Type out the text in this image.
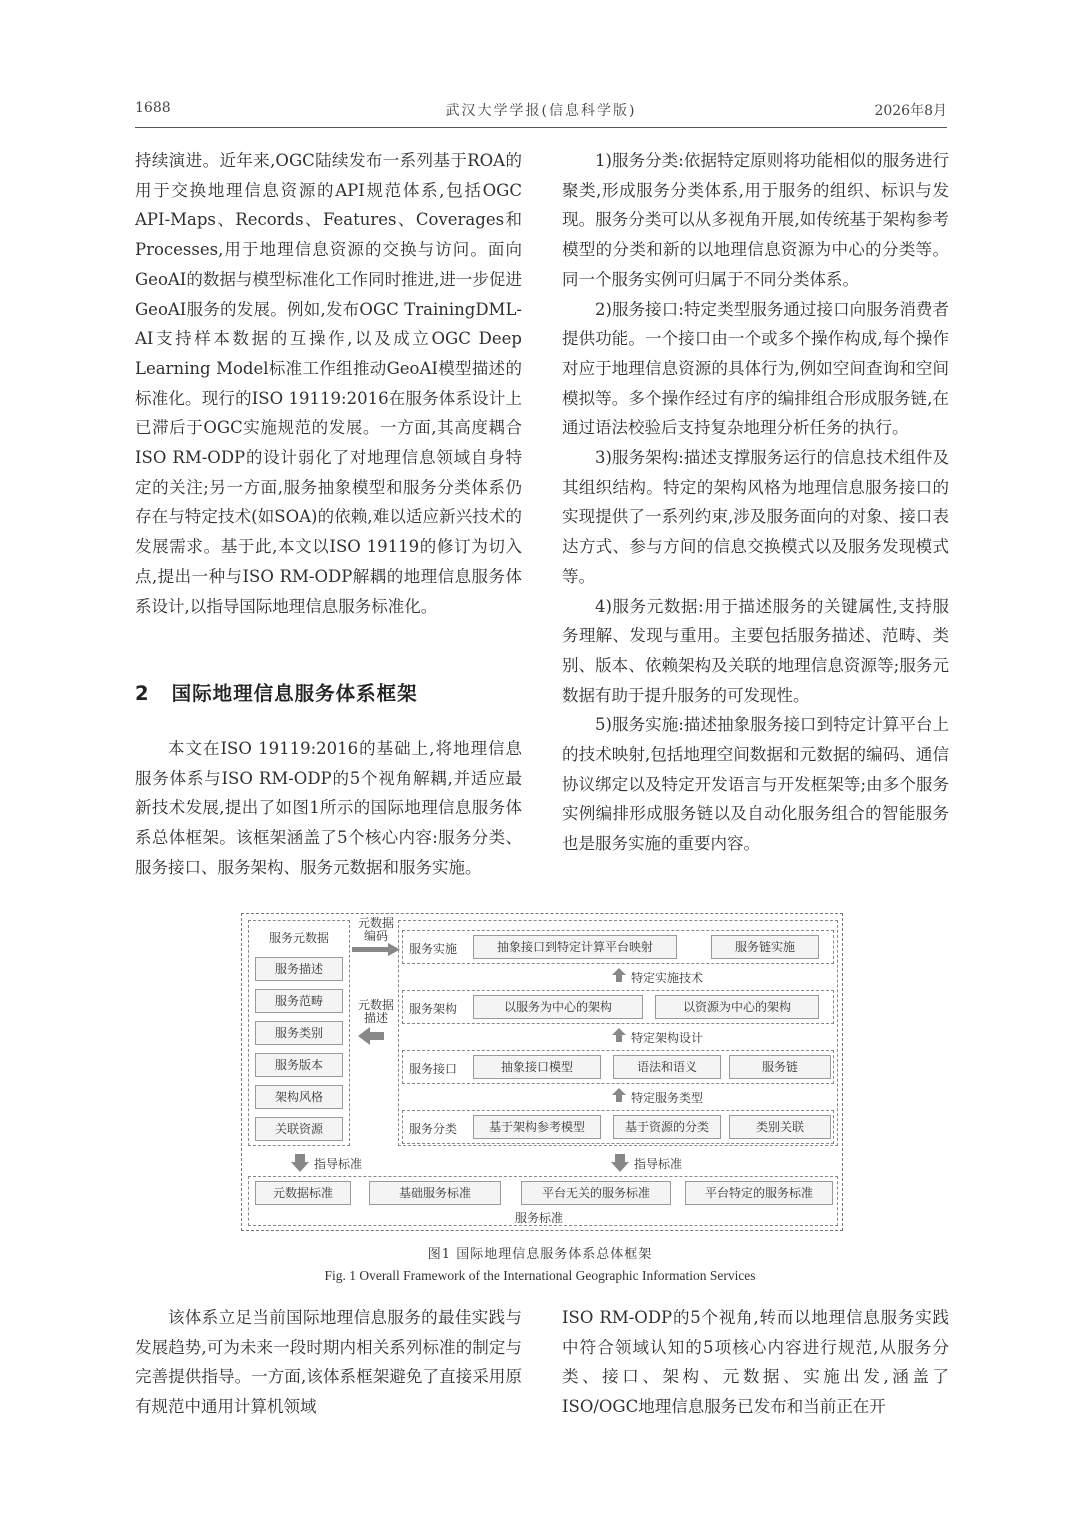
1688	武汉大学学报(信息科学版)	2026年8月

持续演进。近年来,OGC陆续发布一系列基于ROA的用于交换地理信息资源的API规范体系,包括OGC API-Maps、Records、Features、Coverages和Processes,用于地理信息资源的交换与访问。面向GeoAI的数据与模型标准化工作同时推进,进一步促进GeoAI服务的发展。例如,发布OGC TrainingDML-AI支持样本数据的互操作,以及成立OGC Deep Learning Model标准工作组推动GeoAI模型描述的标准化。现行的ISO 19119:2016在服务体系设计上已滞后于OGC实施规范的发展。一方面,其高度耦合ISO RM-ODP的设计弱化了对地理信息领域自身特定的关注;另一方面,服务抽象模型和服务分类体系仍存在与特定技术(如SOA)的依赖,难以适应新兴技术的发展需求。基于此,本文以ISO 19119的修订为切入点,提出一种与ISO RM-ODP解耦的地理信息服务体系设计,以指导国际地理信息服务标准化。

2 国际地理信息服务体系框架

本文在ISO 19119:2016的基础上,将地理信息服务体系与ISO RM-ODP的5个视角解耦,并适应最新技术发展,提出了如图1所示的国际地理信息服务体系总体框架。该框架涵盖了5个核心内容:服务分类、服务接口、服务架构、服务元数据和服务实施。

1)服务分类:依据特定原则将功能相似的服务进行聚类,形成服务分类体系,用于服务的组织、标识与发现。服务分类可以从多视角开展,如传统基于架构参考模型的分类和新的以地理信息资源为中心的分类等。同一个服务实例可归属于不同分类体系。

2)服务接口:特定类型服务通过接口向服务消费者提供功能。一个接口由一个或多个操作构成,每个操作对应于地理信息资源的具体行为,例如空间查询和空间模拟等。多个操作经过有序的编排组合形成服务链,在通过语法校验后支持复杂地理分析任务的执行。

3)服务架构:描述支撑服务运行的信息技术组件及其组织结构。特定的架构风格为地理信息服务接口的实现提供了一系列约束,涉及服务面向的对象、接口表达方式、参与方间的信息交换模式以及服务发现模式等。

4)服务元数据:用于描述服务的关键属性,支持服务理解、发现与重用。主要包括服务描述、范畴、类别、版本、依赖架构及关联的地理信息资源等;服务元数据有助于提升服务的可发现性。

5)服务实施:描述抽象服务接口到特定计算平台上的技术映射,包括地理空间数据和元数据的编码、通信协议绑定以及特定开发语言与开发框架等;由多个服务实例编排形成服务链以及自动化服务组合的智能服务也是服务实施的重要内容。

服务元数据
服务描述
服务范畴
服务类别
服务版本
架构风格
关联资源
元数据
编码
元数据
描述
服务实施	抽象接口到特定计算平台映射	服务链实施
特定实施技术
服务架构	以服务为中心的架构	以资源为中心的架构
特定架构设计
服务接口	抽象接口模型	语法和语义	服务链
特定服务类型
服务分类	基于架构参考模型	基于资源的分类	类别关联
指导标准	指导标准
元数据标准	基础服务标准	平台无关的服务标准	平台特定的服务标准
服务标准
图1 国际地理信息服务体系总体框架
Fig. 1 Overall Framework of the International Geographic Information Services

该体系立足当前国际地理信息服务的最佳实践与发展趋势,可为未来一段时期内相关系列标准的制定与完善提供指导。一方面,该体系框架避免了直接采用原有规范中通用计算机领域

ISO RM-ODP的5个视角,转而以地理信息服务实践中符合领域认知的5项核心内容进行规范,从服务分类、接口、架构、元数据、实施出发,涵盖了ISO/OGC地理信息服务已发布和当前正在开
